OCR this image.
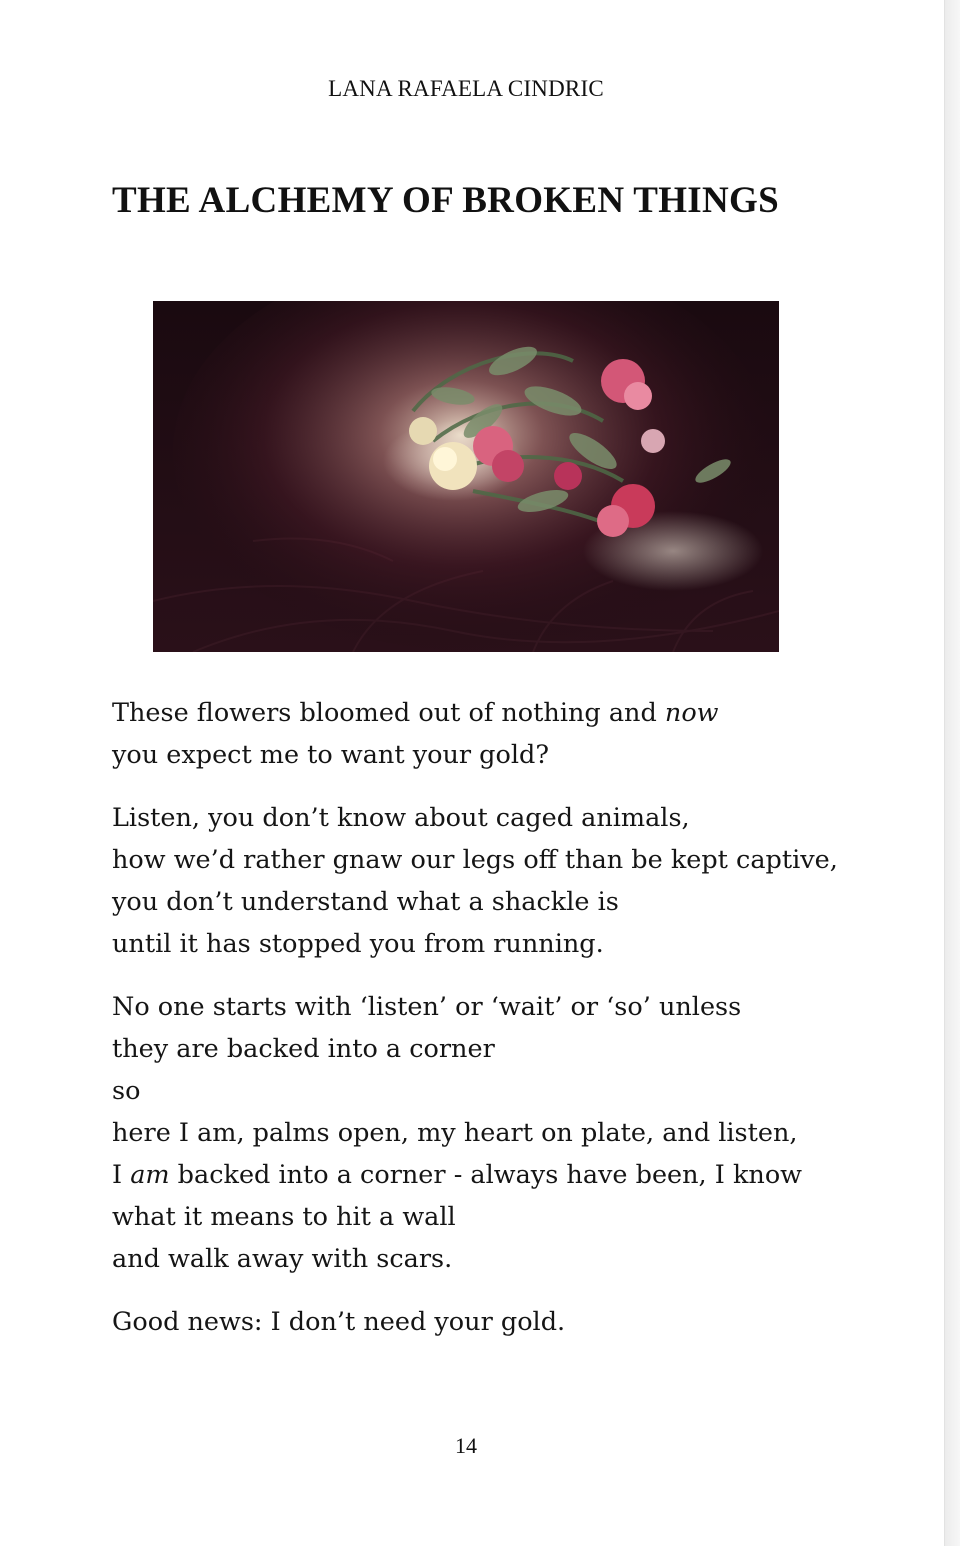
LANA RAFAELA CINDRIC
THE ALCHEMY OF BROKEN THINGS

These flowers bloomed out of nothing and now
you expect me to want your gold?

Listen, you don’t know about caged animals,
how we’d rather gnaw our legs off than be kept captive,
you don’t understand what a shackle is
until it has stopped you from running.

No one starts with ‘listen’ or ‘wait’ or ‘so’ unless
they are backed into a corner
so
here I am, palms open, my heart on plate, and listen,
I am backed into a corner - always have been, I know
what it means to hit a wall
and walk away with scars.

Good news: I don’t need your gold.

14
